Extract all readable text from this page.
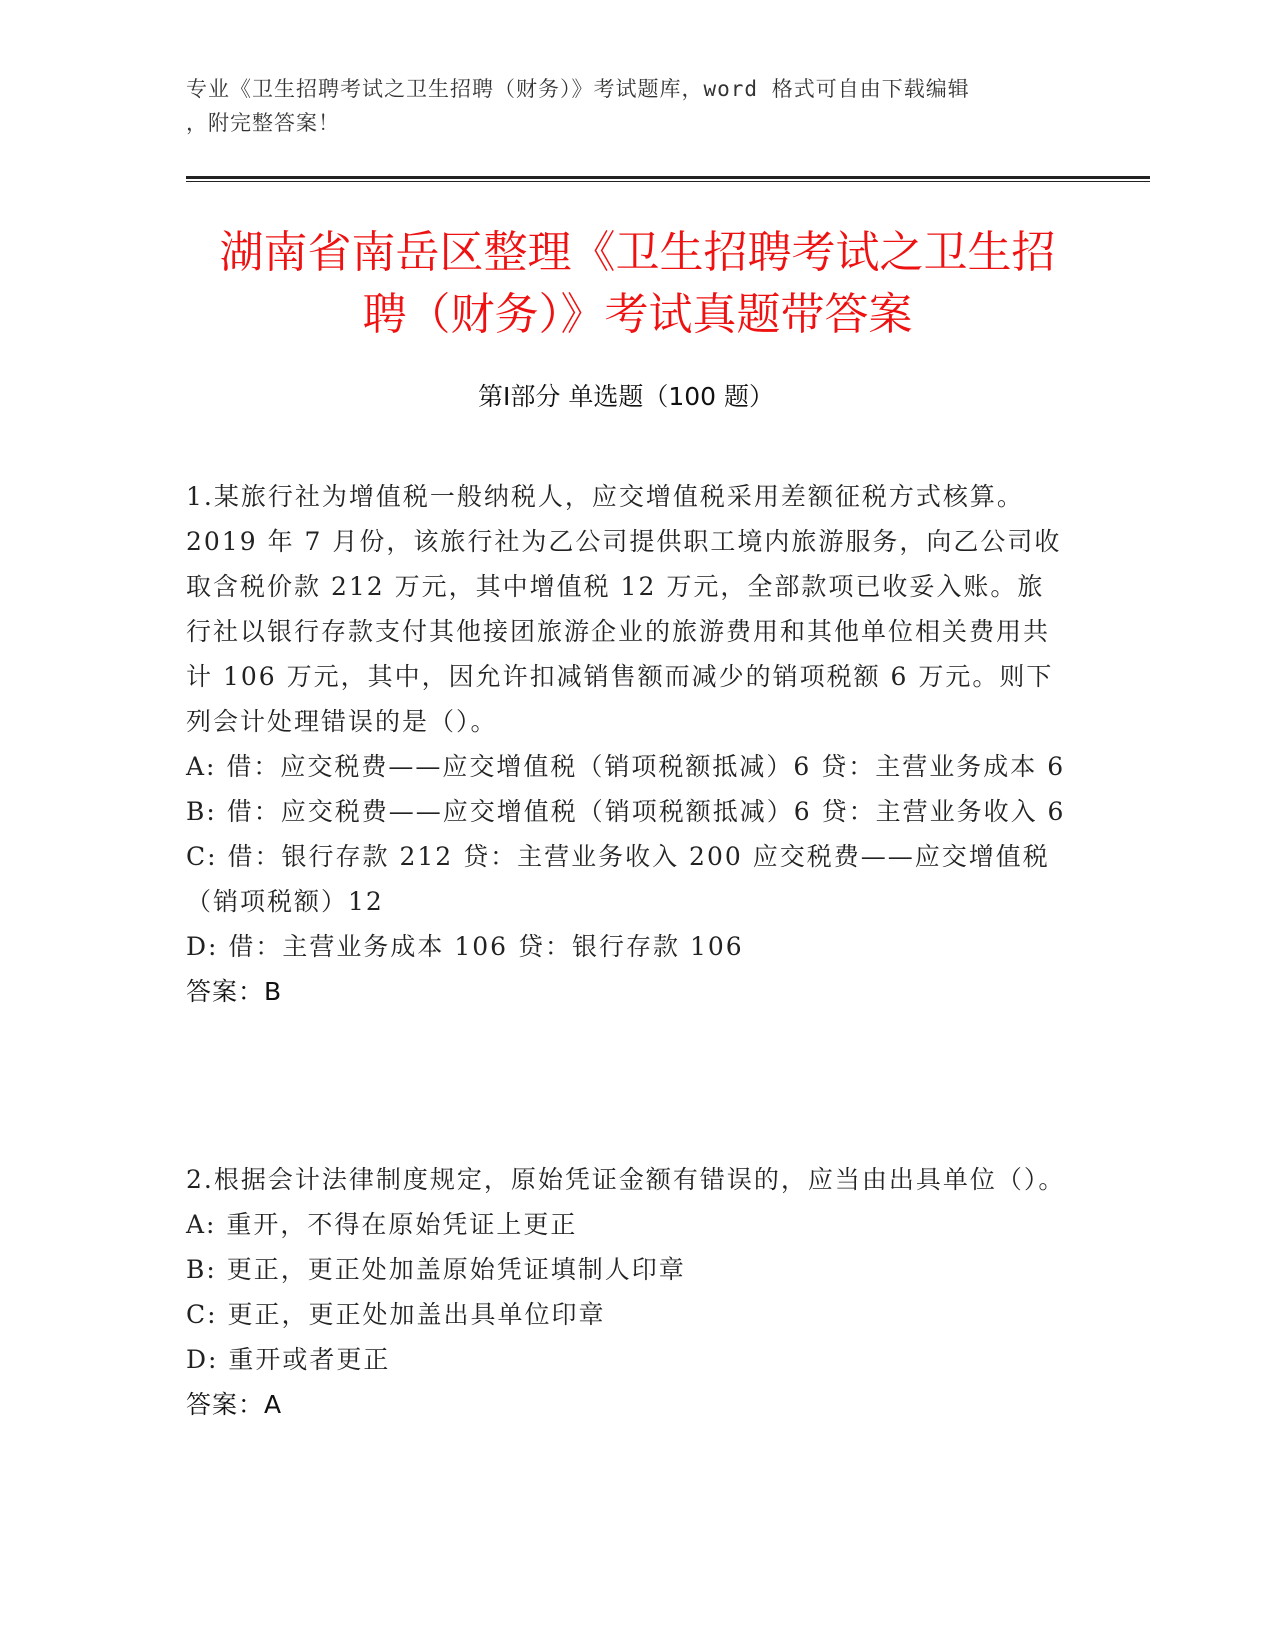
专业《卫生招聘考试之卫生招聘（财务）》考试题库，word 格式可自由下载编辑
，附完整答案！
湖南省南岳区整理《卫生招聘考试之卫生招
聘（财务）》考试真题带答案
第Ⅰ部分 单选题（100 题）

1.某旅行社为增值税一般纳税人，应交增值税采用差额征税方式核算。2019 年 7 月份，该旅行社为乙公司提供职工境内旅游服务，向乙公司收取含税价款 212 万元，其中增值税 12 万元，全部款项已收妥入账。旅行社以银行存款支付其他接团旅游企业的旅游费用和其他单位相关费用共计 106 万元，其中，因允许扣减销售额而减少的销项税额 6 万元。则下列会计处理错误的是（）。

A: 借：应交税费——应交增值税（销项税额抵减）6 贷：主营业务成本 6

B: 借：应交税费——应交增值税（销项税额抵减）6 贷：主营业务收入 6

C: 借：银行存款 212 贷：主营业务收入 200 应交税费——应交增值税（销项税额）12

D: 借：主营业务成本 106 贷：银行存款 106

答案：B

2.根据会计法律制度规定，原始凭证金额有错误的，应当由出具单位（）。

A: 重开，不得在原始凭证上更正

B: 更正，更正处加盖原始凭证填制人印章

C: 更正，更正处加盖出具单位印章

D: 重开或者更正

答案：A
